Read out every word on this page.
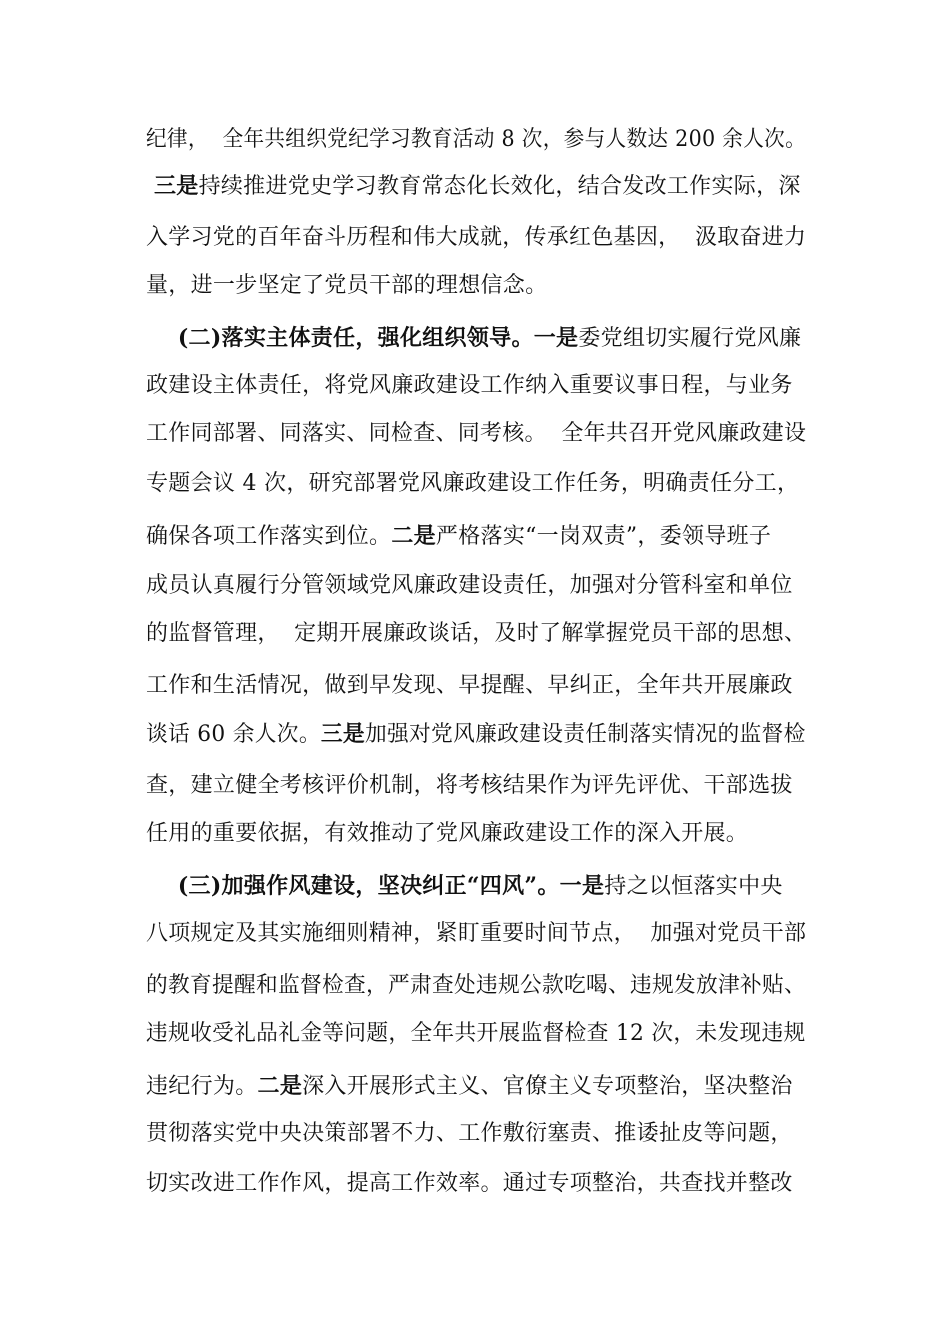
纪律，  全年共组织党纪学习教育活动 8 次，参与人数达 200 余人次。
三是持续推进党史学习教育常态化长效化，结合发改工作实际，深
入学习党的百年奋斗历程和伟大成就，传承红色基因，  汲取奋进力
量，进一步坚定了党员干部的理想信念。
(二)落实主体责任，强化组织领导。一是委党组切实履行党风廉
政建设主体责任，将党风廉政建设工作纳入重要议事日程，与业务
工作同部署、同落实、同检查、同考核。  全年共召开党风廉政建设
专题会议 4 次，研究部署党风廉政建设工作任务，明确责任分工，
确保各项工作落实到位。二是严格落实“一岗双责”，委领导班子
成员认真履行分管领域党风廉政建设责任，加强对分管科室和单位
的监督管理，  定期开展廉政谈话，及时了解掌握党员干部的思想、
工作和生活情况，做到早发现、早提醒、早纠正，全年共开展廉政
谈话 60 余人次。三是加强对党风廉政建设责任制落实情况的监督检
查，建立健全考核评价机制，将考核结果作为评先评优、干部选拔
任用的重要依据，有效推动了党风廉政建设工作的深入开展。
(三)加强作风建设，坚决纠正“四风”。一是持之以恒落实中央
八项规定及其实施细则精神，紧盯重要时间节点，  加强对党员干部
的教育提醒和监督检查，严肃查处违规公款吃喝、违规发放津补贴、
违规收受礼品礼金等问题，全年共开展监督检查 12 次，未发现违规
违纪行为。二是深入开展形式主义、官僚主义专项整治，坚决整治
贯彻落实党中央决策部署不力、工作敷衍塞责、推诿扯皮等问题，
切实改进工作作风，提高工作效率。通过专项整治，共查找并整改
